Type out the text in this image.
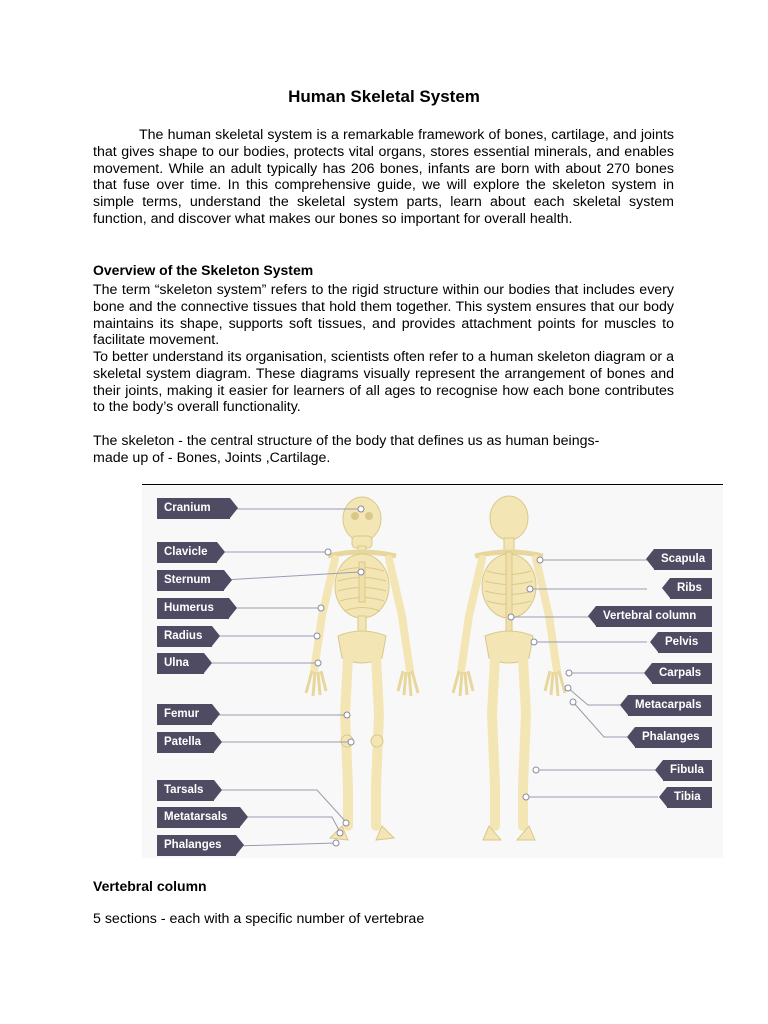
Human Skeletal System

The human skeletal system is a remarkable framework of bones, cartilage, and joints that gives shape to our bodies, protects vital organs, stores essential minerals, and enables movement. While an adult typically has 206 bones, infants are born with about 270 bones that fuse over time. In this comprehensive guide, we will explore the skeleton system in simple terms, understand the skeletal system parts, learn about each skeletal system function, and discover what makes our bones so important for overall health.

Overview of the Skeleton System

The term “skeleton system” refers to the rigid structure within our bodies that includes every bone and the connective tissues that hold them together. This system ensures that our body maintains its shape, supports soft tissues, and provides attachment points for muscles to facilitate movement.

To better understand its organisation, scientists often refer to a human skeleton diagram or a skeletal system diagram. These diagrams visually represent the arrangement of bones and their joints, making it easier for learners of all ages to recognise how each bone contributes to the body’s overall functionality.

The skeleton - the central structure of the body that defines us as human beings-

made up of - Bones, Joints ,Cartilage.

Cranium
Clavicle
Sternum
Humerus
Radius
Ulna
Femur
Patella
Tarsals
Metatarsals
Phalanges
Scapula
Ribs
Vertebral column
Pelvis
Carpals
Metacarpals
Phalanges
Fibula
Tibia

Vertebral column

5 sections - each with a specific number of vertebrae
